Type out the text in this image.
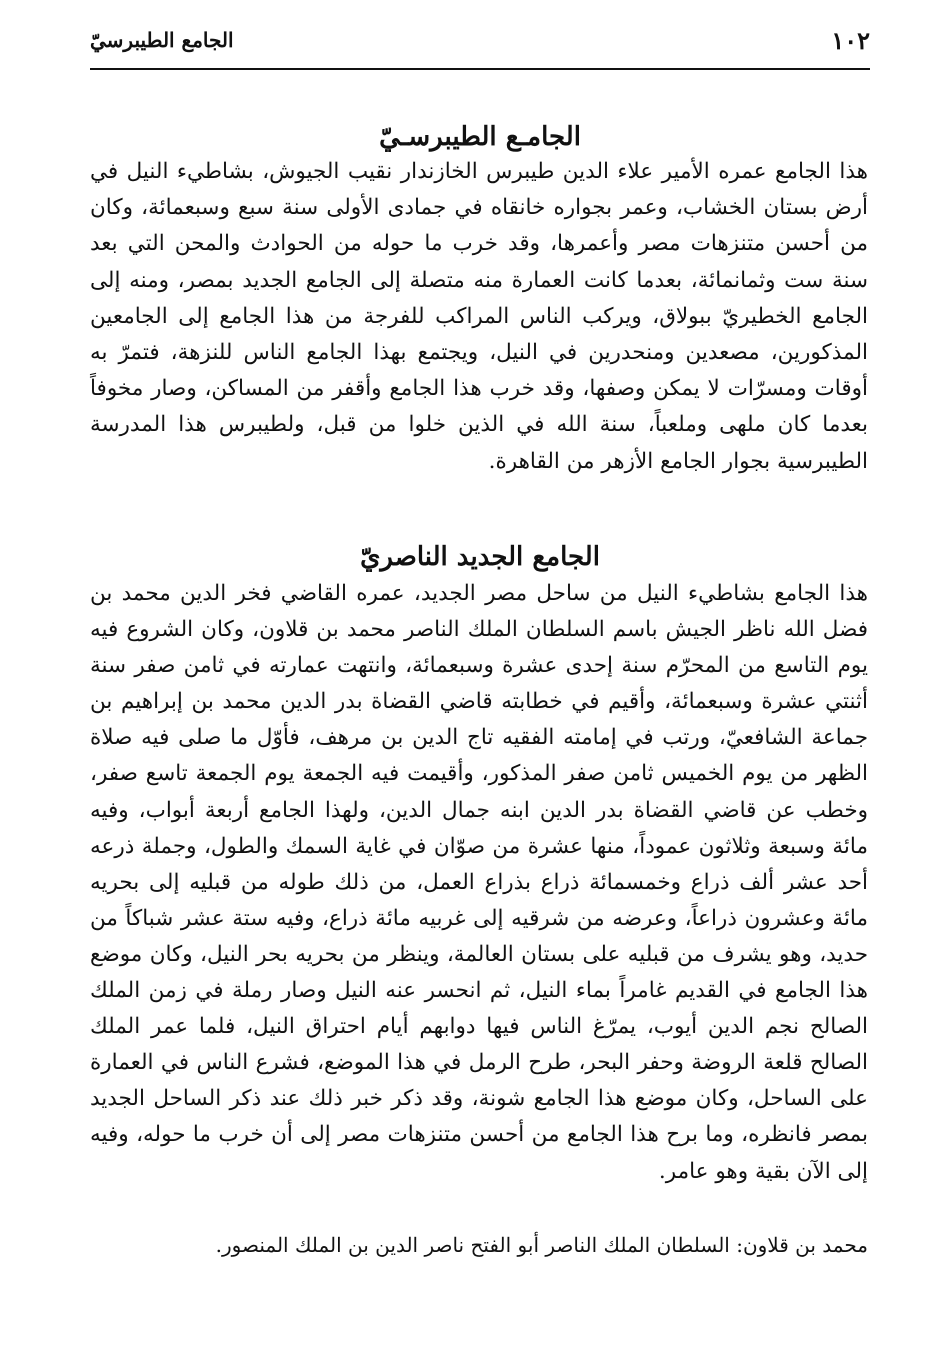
١٠٢
الجامع الطيبرسيّ
الجامـع الطيبرسـيّ

هذا الجامع عمره الأمير علاء الدين طيبرس الخازندار نقيب الجيوش، بشاطيء النيل في أرض بستان الخشاب، وعمر بجواره خانقاه في جمادى الأولى سنة سبع وسبعمائة، وكان من أحسن متنزهات مصر وأعمرها، وقد خرب ما حوله من الحوادث والمحن التي بعد سنة ست وثمانمائة، بعدما كانت العمارة منه متصلة إلى الجامع الجديد بمصر، ومنه إلى الجامع الخطيريّ ببولاق، ويركب الناس المراكب للفرجة من هذا الجامع إلى الجامعين المذكورين، مصعدين ومنحدرين في النيل، ويجتمع بهذا الجامع الناس للنزهة، فتمرّ به أوقات ومسرّات لا يمكن وصفها، وقد خرب هذا الجامع وأقفر من المساكن، وصار مخوفاً بعدما كان ملهى وملعباً، سنة الله في الذين خلوا من قبل، ولطيبرس هذا المدرسة الطيبرسية بجوار الجامع الأزهر من القاهرة.

الجامع الجديد الناصريّ

هذا الجامع بشاطيء النيل من ساحل مصر الجديد، عمره القاضي فخر الدين محمد بن فضل الله ناظر الجيش باسم السلطان الملك الناصر محمد بن قلاون، وكان الشروع فيه يوم التاسع من المحرّم سنة إحدى عشرة وسبعمائة، وانتهت عمارته في ثامن صفر سنة أثنتي عشرة وسبعمائة، وأقيم في خطابته قاضي القضاة بدر الدين محمد بن إبراهيم بن جماعة الشافعيّ، ورتب في إمامته الفقيه تاج الدين بن مرهف، فأوّل ما صلى فيه صلاة الظهر من يوم الخميس ثامن صفر المذكور، وأقيمت فيه الجمعة يوم الجمعة تاسع صفر، وخطب عن قاضي القضاة بدر الدين ابنه جمال الدين، ولهذا الجامع أربعة أبواب، وفيه مائة وسبعة وثلاثون عموداً، منها عشرة من صوّان في غاية السمك والطول، وجملة ذرعه أحد عشر ألف ذراع وخمسمائة ذراع بذراع العمل، من ذلك طوله من قبليه إلى بحريه مائة وعشرون ذراعاً، وعرضه من شرقيه إلى غربيه مائة ذراع، وفيه ستة عشر شباكاً من حديد، وهو يشرف من قبليه على بستان العالمة، وينظر من بحريه بحر النيل، وكان موضع هذا الجامع في القديم غامراً بماء النيل، ثم انحسر عنه النيل وصار رملة في زمن الملك الصالح نجم الدين أيوب، يمرّغ الناس فيها دوابهم أيام احتراق النيل، فلما عمر الملك الصالح قلعة الروضة وحفر البحر، طرح الرمل في هذا الموضع، فشرع الناس في العمارة على الساحل، وكان موضع هذا الجامع شونة، وقد ذكر خبر ذلك عند ذكر الساحل الجديد بمصر فانظره، وما برح هذا الجامع من أحسن متنزهات مصر إلى أن خرب ما حوله، وفيه إلى الآن بقية وهو عامر.

محمد بن قلاون: السلطان الملك الناصر أبو الفتح ناصر الدين بن الملك المنصور.
